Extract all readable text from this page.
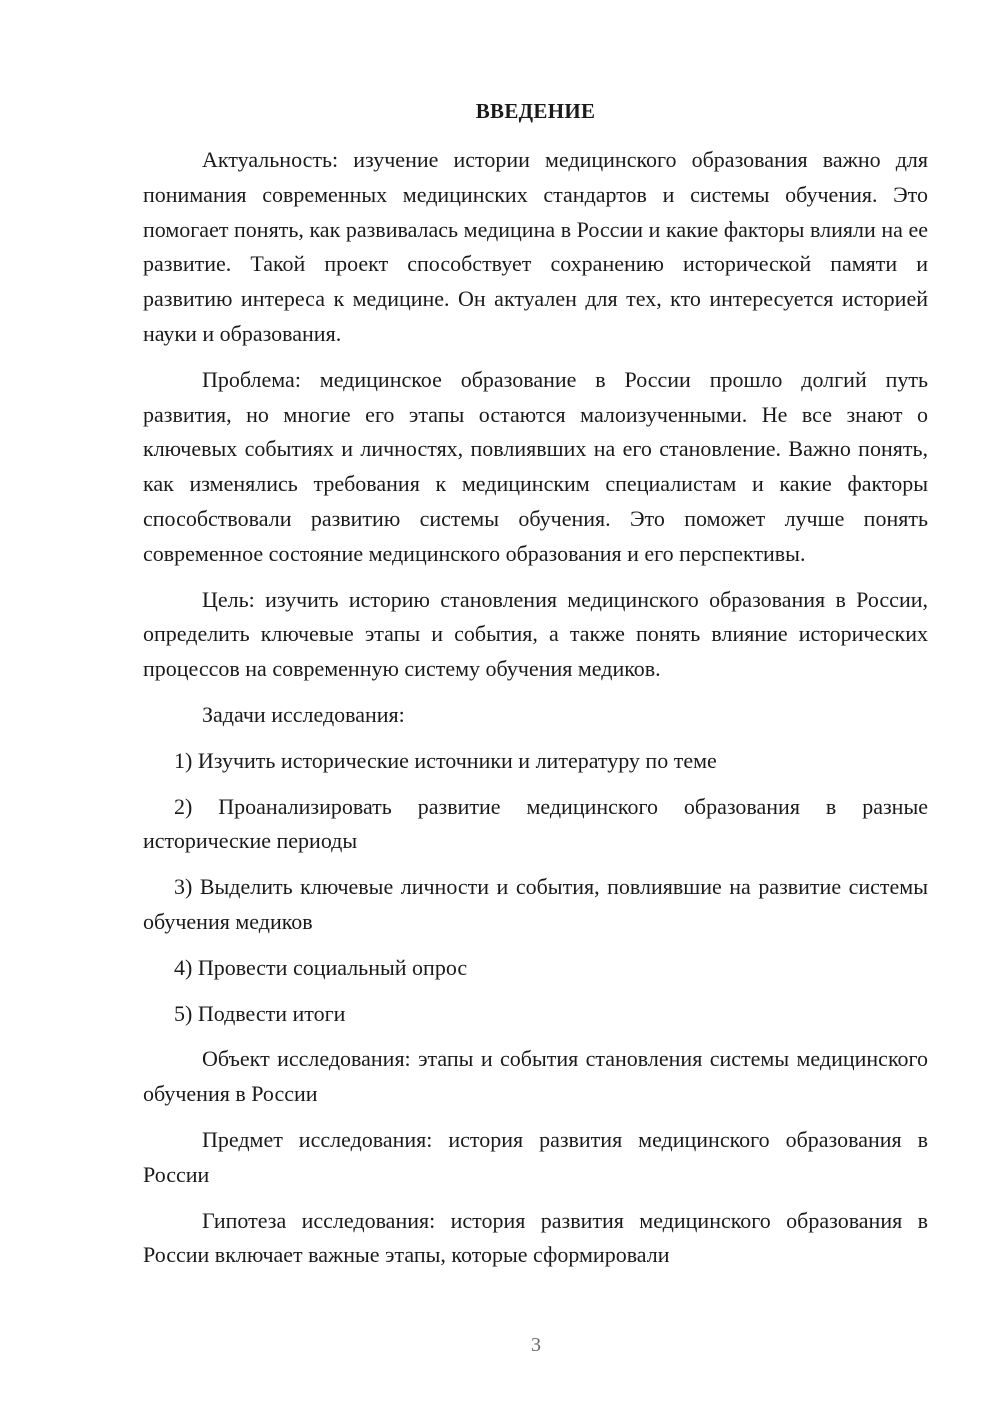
ВВЕДЕНИЕ

Актуальность: изучение истории медицинского образования важно для понимания современных медицинских стандартов и системы обучения. Это помогает понять, как развивалась медицина в России и какие факторы влияли на ее развитие. Такой проект способствует сохранению исторической памяти и развитию интереса к медицине. Он актуален для тех, кто интересуется историей науки и образования.

Проблема: медицинское образование в России прошло долгий путь развития, но многие его этапы остаются малоизученными. Не все знают о ключевых событиях и личностях, повлиявших на его становление. Важно понять, как изменялись требования к медицинским специалистам и какие факторы способствовали развитию системы обучения. Это поможет лучше понять современное состояние медицинского образования и его перспективы.

Цель: изучить историю становления медицинского образования в России, определить ключевые этапы и события, а также понять влияние исторических процессов на современную систему обучения медиков.

Задачи исследования:

1) Изучить исторические источники и литературу по теме

2) Проанализировать развитие медицинского образования в разные исторические периоды

3) Выделить ключевые личности и события, повлиявшие на развитие системы обучения медиков

4) Провести социальный опрос

5) Подвести итоги

Объект исследования: этапы и события становления системы медицинского обучения в России

Предмет исследования: история развития медицинского образования в России

Гипотеза исследования: история развития медицинского образования в России включает важные этапы, которые сформировали

3
